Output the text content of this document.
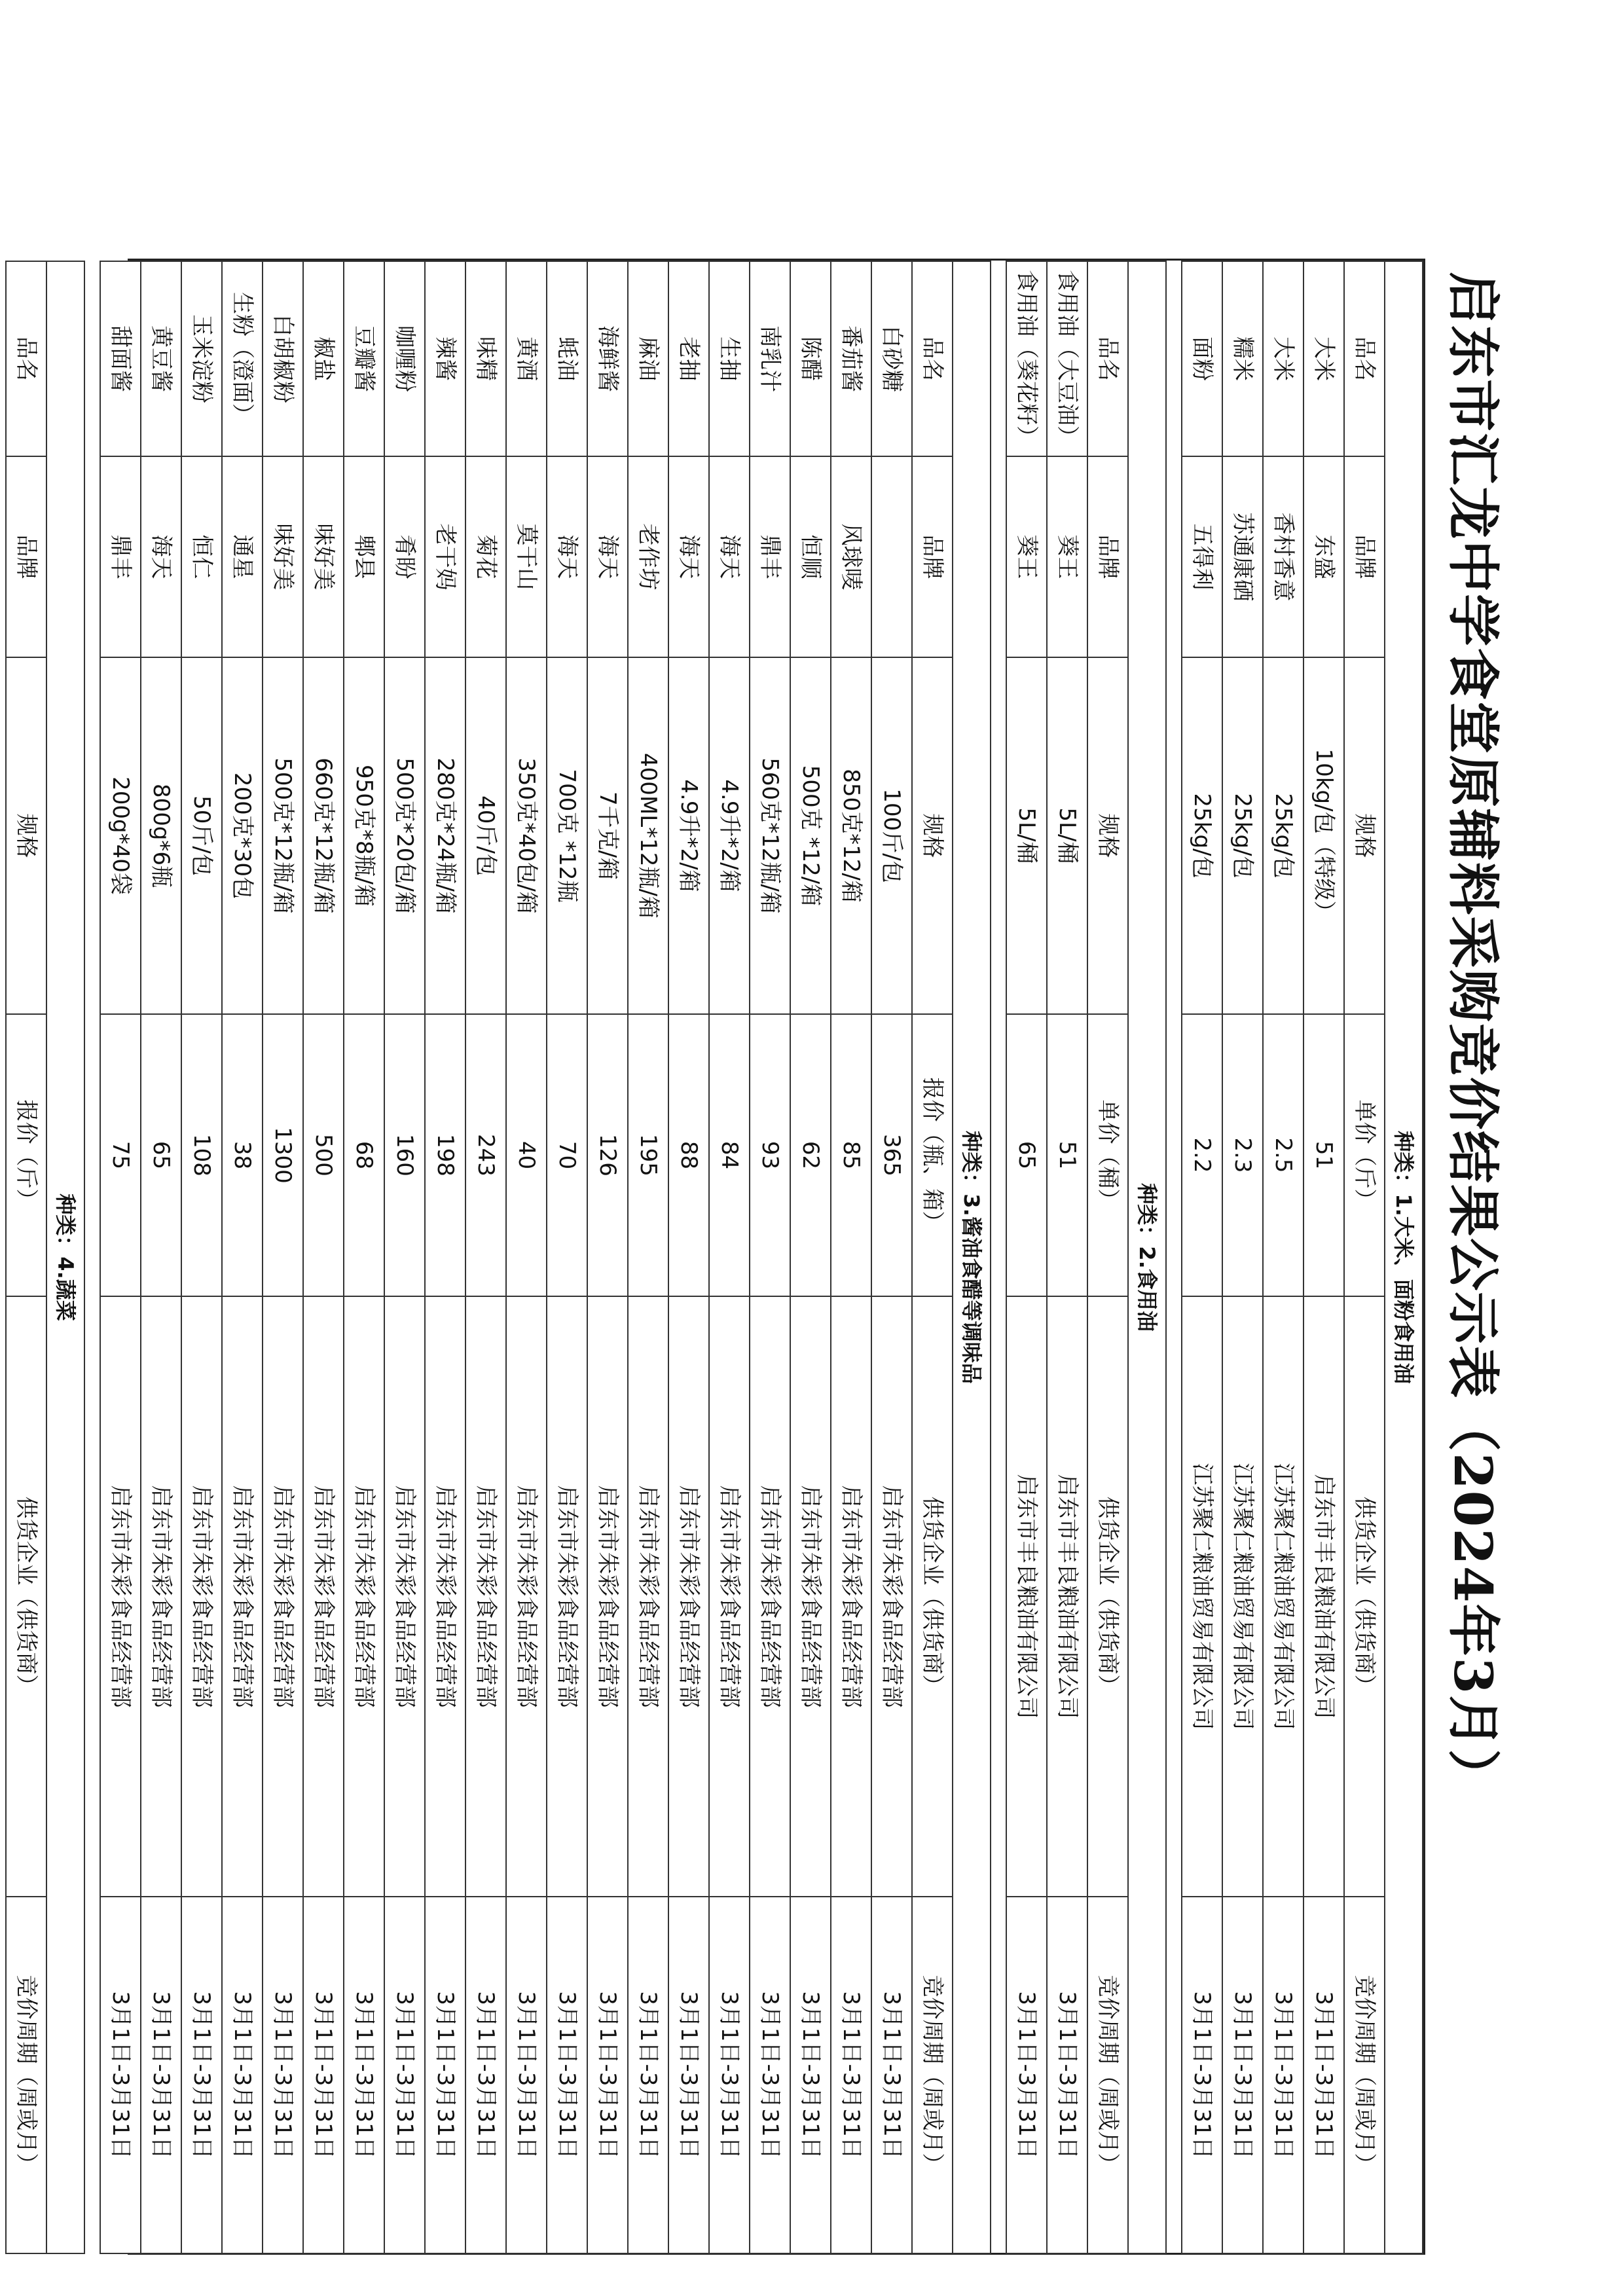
启东市汇龙中学食堂原辅料采购竞价结果公示表（2024年3月）
种类：1.大米、面粉食用油					
品名	品牌	规格	单价（斤）	供货企业（供货商）	竞价周期（周或月）
大米	东盛	10kg/包（特级）	51	启东市丰良粮油有限公司	3月1日-3月31日
大米	香村香意	25kg/包	2.5	江苏聚仁粮油贸易有限公司	3月1日-3月31日
糯米	苏通康硒	25kg/包	2.3	江苏聚仁粮油贸易有限公司	3月1日-3月31日
面粉	五得利	25kg/包	2.2	江苏聚仁粮油贸易有限公司	3月1日-3月31日

种类：2.食用油					
品名	品牌	规格	单价（桶）	供货企业（供货商）	竞价周期（周或月）
食用油（大豆油）	葵王	5L/桶	51	启东市丰良粮油有限公司	3月1日-3月31日
食用油（葵花籽）	葵王	5L/桶	65	启东市丰良粮油有限公司	3月1日-3月31日

种类：3.酱油食醋等调味品					
品名	品牌	规格	报价（瓶、箱）	供货企业（供货商）	竞价周期（周或月）
白砂糖		100斤/包	365	启东市朱彩食品经营部	3月1日-3月31日
番茄酱	风球唛	850克*12/箱	85	启东市朱彩食品经营部	3月1日-3月31日
陈醋	恒顺	500克 *12/箱	62	启东市朱彩食品经营部	3月1日-3月31日
南乳汁	鼎丰	560克*12瓶/箱	93	启东市朱彩食品经营部	3月1日-3月31日
生抽	海天	4.9升*2/箱	84	启东市朱彩食品经营部	3月1日-3月31日
老抽	海天	4.9升*2/箱	88	启东市朱彩食品经营部	3月1日-3月31日
麻油	老作坊	400ML*12瓶/箱	195	启东市朱彩食品经营部	3月1日-3月31日
海鲜酱	海天	7千克/箱	126	启东市朱彩食品经营部	3月1日-3月31日
蚝油	海天	700克 *12瓶	70	启东市朱彩食品经营部	3月1日-3月31日
黄酒	莫干山	350克*40包/箱	40	启东市朱彩食品经营部	3月1日-3月31日
味精	菊花	40斤/包	243	启东市朱彩食品经营部	3月1日-3月31日
辣酱	老干妈	280克*24瓶/箱	198	启东市朱彩食品经营部	3月1日-3月31日
咖喱粉	肴盼	500克*20包/箱	160	启东市朱彩食品经营部	3月1日-3月31日
豆瓣酱	郫县	950克*8瓶/箱	68	启东市朱彩食品经营部	3月1日-3月31日
椒盐	味好美	660克*12瓶/箱	500	启东市朱彩食品经营部	3月1日-3月31日
白胡椒粉	味好美	500克*12瓶/箱	1300	启东市朱彩食品经营部	3月1日-3月31日
生粉（澄面）	通星	200克*30包	38	启东市朱彩食品经营部	3月1日-3月31日
玉米淀粉	恒仁	50斤/包	108	启东市朱彩食品经营部	3月1日-3月31日
黄豆酱	海天	800g*6瓶	65	启东市朱彩食品经营部	3月1日-3月31日
甜面酱	鼎丰	200g*40袋	75	启东市朱彩食品经营部	3月1日-3月31日

种类：4.蔬菜					
品名	品牌	规格	报价（斤）	供货企业（供货商）	竞价周期（周或月）
